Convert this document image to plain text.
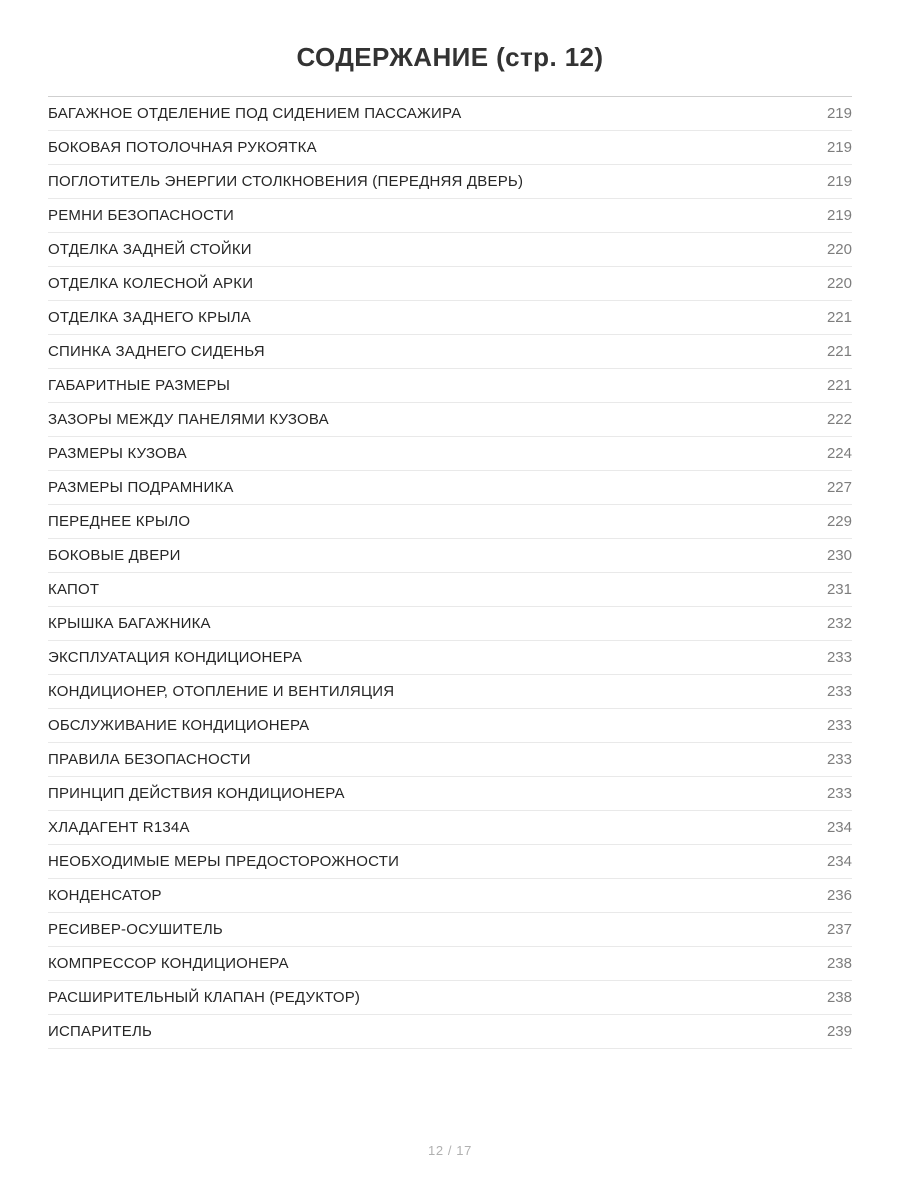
СОДЕРЖАНИЕ (стр. 12)
БАГАЖНОЕ ОТДЕЛЕНИЕ ПОД СИДЕНИЕМ ПАССАЖИРА	219
БОКОВАЯ ПОТОЛОЧНАЯ РУКОЯТКА	219
ПОГЛОТИТЕЛЬ ЭНЕРГИИ СТОЛКНОВЕНИЯ (ПЕРЕДНЯЯ ДВЕРЬ)	219
РЕМНИ БЕЗОПАСНОСТИ	219
ОТДЕЛКА ЗАДНЕЙ СТОЙКИ	220
ОТДЕЛКА КОЛЕСНОЙ АРКИ	220
ОТДЕЛКА ЗАДНЕГО КРЫЛА	221
СПИНКА ЗАДНЕГО СИДЕНЬЯ	221
ГАБАРИТНЫЕ РАЗМЕРЫ	221
ЗАЗОРЫ МЕЖДУ ПАНЕЛЯМИ КУЗОВА	222
РАЗМЕРЫ КУЗОВА	224
РАЗМЕРЫ ПОДРАМНИКА	227
ПЕРЕДНЕЕ КРЫЛО	229
БОКОВЫЕ ДВЕРИ	230
КАПОТ	231
КРЫШКА БАГАЖНИКА	232
ЭКСПЛУАТАЦИЯ КОНДИЦИОНЕРА	233
КОНДИЦИОНЕР, ОТОПЛЕНИЕ И ВЕНТИЛЯЦИЯ	233
ОБСЛУЖИВАНИЕ КОНДИЦИОНЕРА	233
ПРАВИЛА БЕЗОПАСНОСТИ	233
ПРИНЦИП ДЕЙСТВИЯ КОНДИЦИОНЕРА	233
ХЛАДАГЕНТ R134A	234
НЕОБХОДИМЫЕ МЕРЫ ПРЕДОСТОРОЖНОСТИ	234
КОНДЕНСАТОР	236
РЕСИВЕР-ОСУШИТЕЛЬ	237
КОМПРЕССОР КОНДИЦИОНЕРА	238
РАСШИРИТЕЛЬНЫЙ КЛАПАН (РЕДУКТОР)	238
ИСПАРИТЕЛЬ	239
12 / 17
